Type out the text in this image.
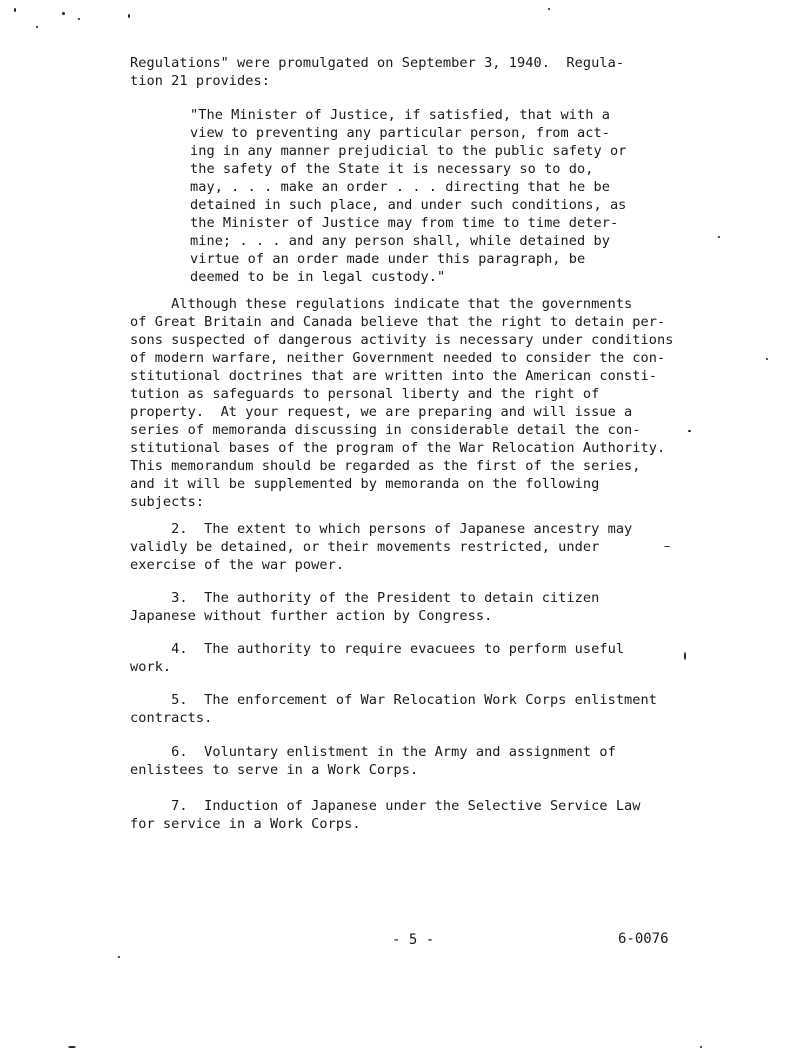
Regulations" were promulgated on September 3, 1940.  Regula-
tion 21 provides:
"The Minister of Justice, if satisfied, that with a
view to preventing any particular person, from act-
ing in any manner prejudicial to the public safety or
the safety of the State it is necessary so to do,
may, . . . make an order . . . directing that he be
detained in such place, and under such conditions, as
the Minister of Justice may from time to time deter-
mine; . . . and any person shall, while detained by
virtue of an order made under this paragraph, be
deemed to be in legal custody."
Although these regulations indicate that the governments
of Great Britain and Canada believe that the right to detain per-
sons suspected of dangerous activity is necessary under conditions
of modern warfare, neither Government needed to consider the con-
stitutional doctrines that are written into the American consti-
tution as safeguards to personal liberty and the right of
property.  At your request, we are preparing and will issue a
series of memoranda discussing in considerable detail the con-
stitutional bases of the program of the War Relocation Authority.
This memorandum should be regarded as the first of the series,
and it will be supplemented by memoranda on the following
subjects:
2.  The extent to which persons of Japanese ancestry may
validly be detained, or their movements restricted, under
exercise of the war power.
3.  The authority of the President to detain citizen
Japanese without further action by Congress.
4.  The authority to require evacuees to perform useful
work.
5.  The enforcement of War Relocation Work Corps enlistment
contracts.
6.  Voluntary enlistment in the Army and assignment of
enlistees to serve in a Work Corps.
7.  Induction of Japanese under the Selective Service Law
for service in a Work Corps.
- 5 -	6-0076
